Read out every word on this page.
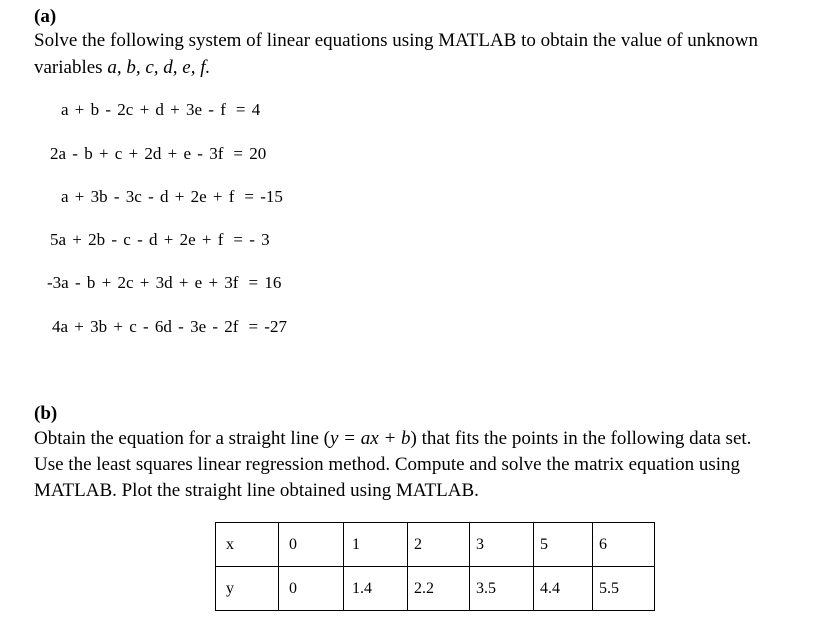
(a)
Solve the following system of linear equations using MATLAB to obtain the value of unknown
variables a, b, c, d, e, f.
a + b - 2c + d + 3e - f = 4
2a - b + c + 2d + e - 3f = 20
a + 3b - 3c - d + 2e + f = -15
5a + 2b - c - d + 2e + f = - 3
-3a - b + 2c + 3d + e + 3f = 16
4a + 3b + c - 6d - 3e - 2f = -27
(b)
Obtain the equation for a straight line (y = ax + b) that fits the points in the following data set.
Use the least squares linear regression method. Compute and solve the matrix equation using
MATLAB. Plot the straight line obtained using MATLAB.
x	0	1	2	3	5	6
y	0	1.4	2.2	3.5	4.4	5.5
